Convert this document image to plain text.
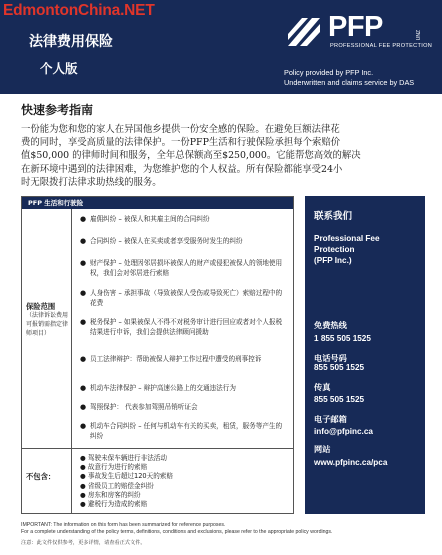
EdmontonChina.NET
法律费用保险
个人版
PFP	UNZ
PROFESSIONAL FEE PROTECTION
Policy provided by PFP Inc.
Underwritten and claims service by DAS
快速参考指南
一份能为您和您的家人在异国他乡提供一份安全感的保险。在避免巨额法律花
费的同时，享受高质量的法律保护。一份PFP生活和行驶保险承担每个索赔价
值$50,000 的律师时间和服务，全年总保额高至$250,000。它能帮您高效的解决
在新环境中遇到的法律困难，为您维护您的个人权益。所有保险都能享受24小
时无限拨打法律求助热线的服务。
PFP 生活和行驶险
保险范围
（法律诉讼费用可报销需指定律师项目）
● 雇佣纠纷 – 被保人和其雇主间的合同纠纷
● 合同纠纷 – 被保人在买卖或者享受服务时发生的纠纷
● 财产保护 – 处理因邻居损坏被保人的财产或侵犯被保人的领地使用权，我们会对邻居进行索赔
● 人身伤害 – 承担事故（导致被保人受伤或导致死亡）索赔过程中的花费
● 税务保护 – 如果被保人不得不对税务审计进行回应或者对个人报税结果进行申诉，我们会提供法律顾问援助
● 员工法律辩护：帮助被保人辩护工作过程中遭受的刑事控诉
● 机动车法律保护 – 辩护高速公路上的交通违法行为
● 驾照保护： 代表参加驾照吊销听证会
● 机动车合同纠纷 – 任何与机动车有关的买卖，租赁，服务等产生的纠纷
不包含：
● 驾驶未保车辆进行非法活动
● 故意行为进行的索赔
● 事故发生后超过120天的索赔
● 省级员工的赔偿金纠纷
● 房东和房客的纠纷
● 避税行为造成的索赔
联系我们
Professional Fee
Protection
(PFP Inc.)
免费热线
1 855 505 1525
电话号码
855 505 1525
传真
855 505 1525
电子邮箱
info@pfpinc.ca
网站
www.pfpinc.ca/pca
IMPORTANT: The information on this form has been summarized for reference purposes.
For a complete understanding of the policy terms, definitions, conditions and exclusions, please refer to the appropriate policy wordings.
注意：此文件仅供参考，更多详情，请查看正式文件。
